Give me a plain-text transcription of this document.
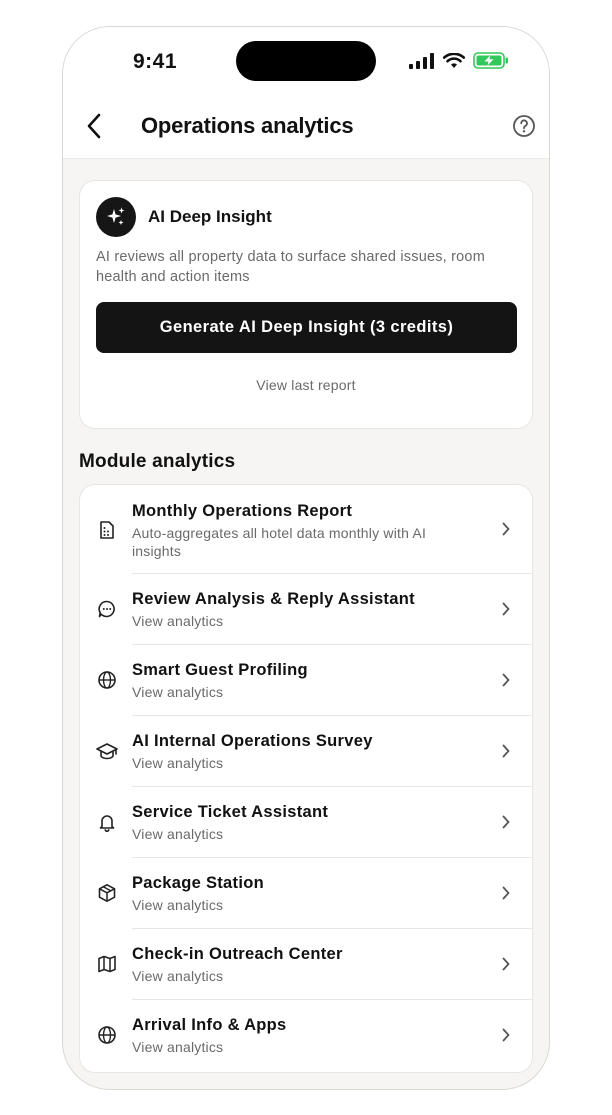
9:41
Operations analytics
AI Deep Insight
AI reviews all property data to surface shared issues, room health and action items
Generate AI Deep Insight (3 credits)
View last report
Module analytics
Monthly Operations Report
Auto-aggregates all hotel data monthly with AI insights
Review Analysis & Reply Assistant
View analytics
Smart Guest Profiling
View analytics
AI Internal Operations Survey
View analytics
Service Ticket Assistant
View analytics
Package Station
View analytics
Check-in Outreach Center
View analytics
Arrival Info & Apps
View analytics
